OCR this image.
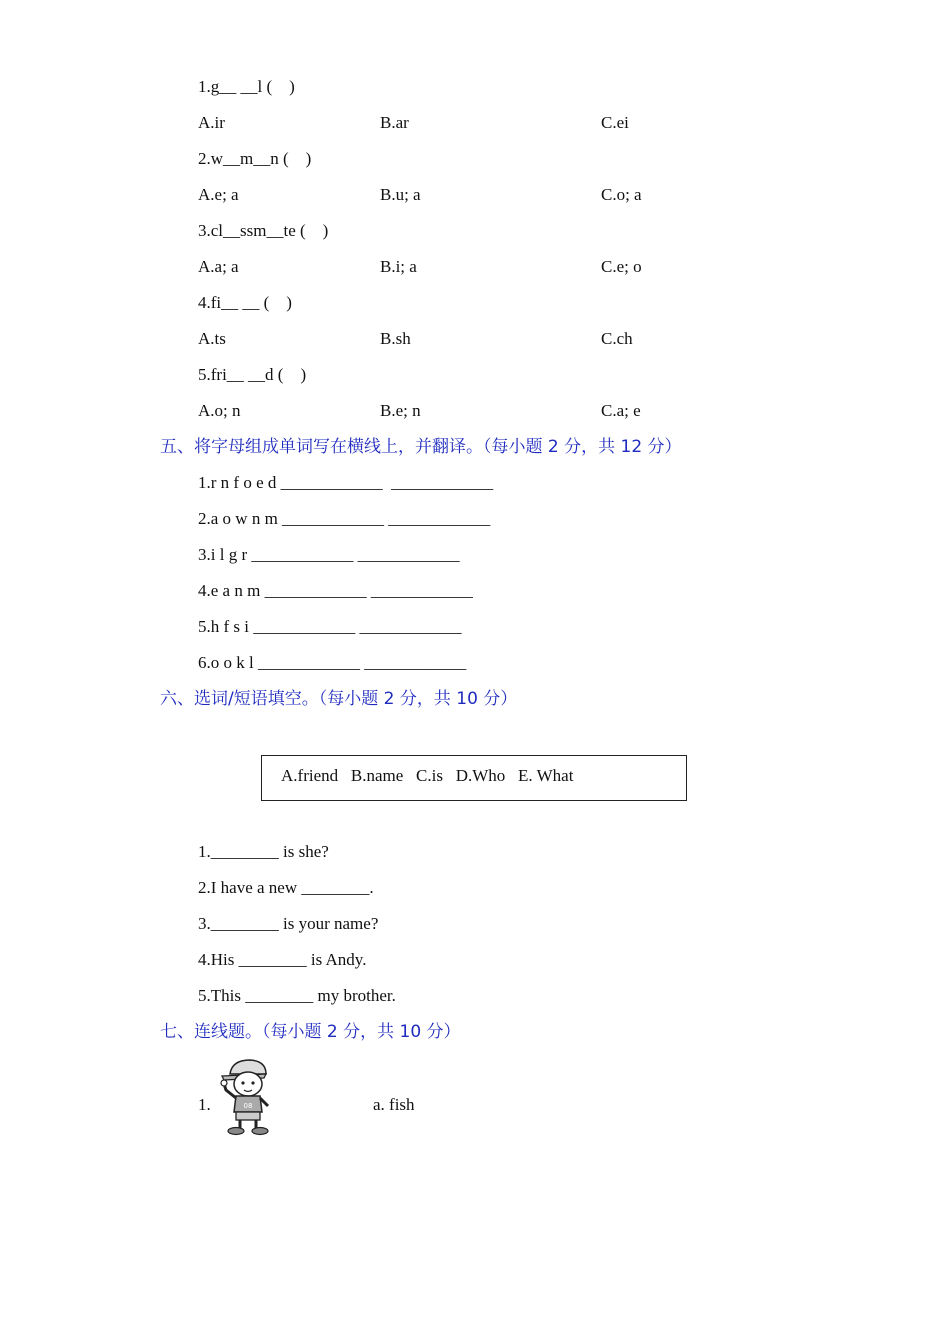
1.g__ __l (    )
A.ir	B.ar	C.ei
2.w__m__n (    )
A.e; a	B.u; a	C.o; a
3.cl__ssm__te (    )
A.a; a	B.i; a	C.e; o
4.fi__ __ (    )
A.ts	B.sh	C.ch
5.fri__ __d (    )
A.o; n	B.e; n	C.a; e
五、将字母组成单词写在横线上，并翻译。（每小题 2 分，共 12 分）
1.r n f o e d ____________  ____________
2.a o w n m ____________ ____________
3.i l g r ____________ ____________
4.e a n m ____________ ____________
5.h f s i ____________ ____________
6.o o k l ____________ ____________
六、选词/短语填空。（每小题 2 分，共 10 分）
A.friend   B.name   C.is   D.Who   E. What
1.________ is she?
2.I have a new ________.
3.________ is your name?
4.His ________ is Andy.
5.This ________ my brother.
七、连线题。（每小题 2 分，共 10 分）
1.	08	a. fish
